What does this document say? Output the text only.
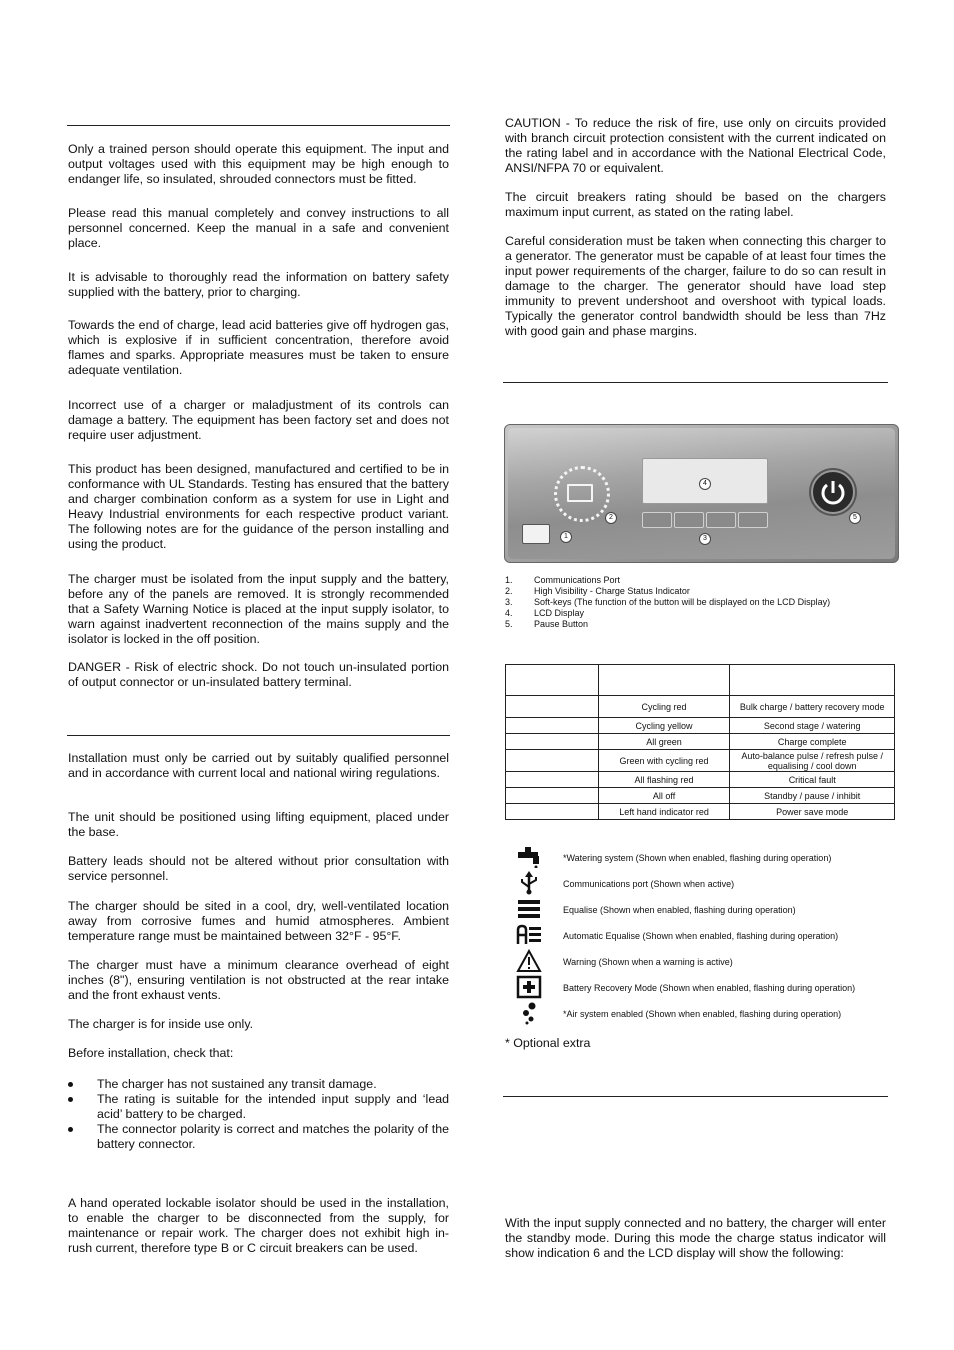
Only a trained person should operate this equipment. The input and output voltages used with this equipment may be high enough to endanger life, so insulated, shrouded connectors must be fitted.

Please read this manual completely and convey instructions to all personnel concerned. Keep the manual in a safe and convenient place.

It is advisable to thoroughly read the information on battery safety supplied with the battery, prior to charging.

Towards the end of charge, lead acid batteries give off hydrogen gas, which is explosive if in sufficient concentration, therefore avoid flames and sparks. Appropriate measures must be taken to ensure adequate ventilation.

Incorrect use of a charger or maladjustment of its controls can damage a battery. The equipment has been factory set and does not require user adjustment.

This product has been designed, manufactured and certified to be in conformance with UL Standards. Testing has ensured that the battery and charger combination conform as a system for use in Light and Heavy Industrial environments for each respective product variant. The following notes are for the guidance of the person installing and using the product.

The charger must be isolated from the input supply and the battery, before any of the panels are removed. It is strongly recommended that a Safety Warning Notice is placed at the input supply isolator, to warn against inadvertent reconnection of the mains supply and the isolator is locked in the off position.

DANGER - Risk of electric shock. Do not touch un-insulated portion of output connector or un-insulated battery terminal.

Installation must only be carried out by suitably qualified personnel and in accordance with current local and national wiring regulations.

The unit should be positioned using lifting equipment, placed under the base.

Battery leads should not be altered without prior consultation with service personnel.

The charger should be sited in a cool, dry, well-ventilated location away from corrosive fumes and humid atmospheres. Ambient temperature range must be maintained between 32°F - 95°F.

The charger must have a minimum clearance overhead of eight inches (8"), ensuring ventilation is not obstructed at the rear intake and the front exhaust vents.

The charger is for inside use only.

Before installation, check that:

The charger has not sustained any transit damage.
The rating is suitable for the intended input supply and ‘lead acid’ battery to be charged.
The connector polarity is correct and matches the polarity of the battery connector.

A hand operated lockable isolator should be used in the installation, to enable the charger to be disconnected from the supply, for maintenance or repair work. The charger does not exhibit high in-rush current, therefore type B or C circuit breakers can be used.

CAUTION - To reduce the risk of fire, use only on circuits provided with branch circuit protection consistent with the current indicated on the rating label and in accordance with the National Electrical Code, ANSI/NFPA 70 or equivalent.

The circuit breakers rating should be based on the chargers maximum input current, as stated on the rating label.

Careful consideration must be taken when connecting this charger to a generator. The generator must be capable of at least four times the input power requirements of the charger, failure to do so can result in damage to the charger. The generator should have load step immunity to prevent undershoot and overshoot with typical loads. Typically the generator control bandwidth should be less than 7Hz with good gain and phase margins.

1
2
3
4
5
1. Communications Port
2. High Visibility - Charge Status Indicator
3. Soft-keys (The function of the button will be displayed on the LCD Display)
4. LCD Display
5. Pause Button

	Cycling red	Bulk charge / battery recovery mode
	Cycling yellow	Second stage / watering
	All green	Charge complete
	Green with cycling red	Auto-balance pulse / refresh pulse / equalising / cool down
	All flashing red	Critical fault
	All off	Standby / pause / inhibit
	Left hand indicator red	Power save mode
*Watering system (Shown when enabled, flashing during operation)
Communications port (Shown when active)
Equalise (Shown when enabled, flashing during operation)
Automatic Equalise (Shown when enabled, flashing during operation)
Warning (Shown when a warning is active)
Battery Recovery Mode (Shown when enabled, flashing during operation)
*Air system enabled (Shown when enabled, flashing during operation)
* Optional extra

With the input supply connected and no battery, the charger will enter the standby mode. During this mode the charge status indicator will show indication 6 and the LCD display will show the following:
